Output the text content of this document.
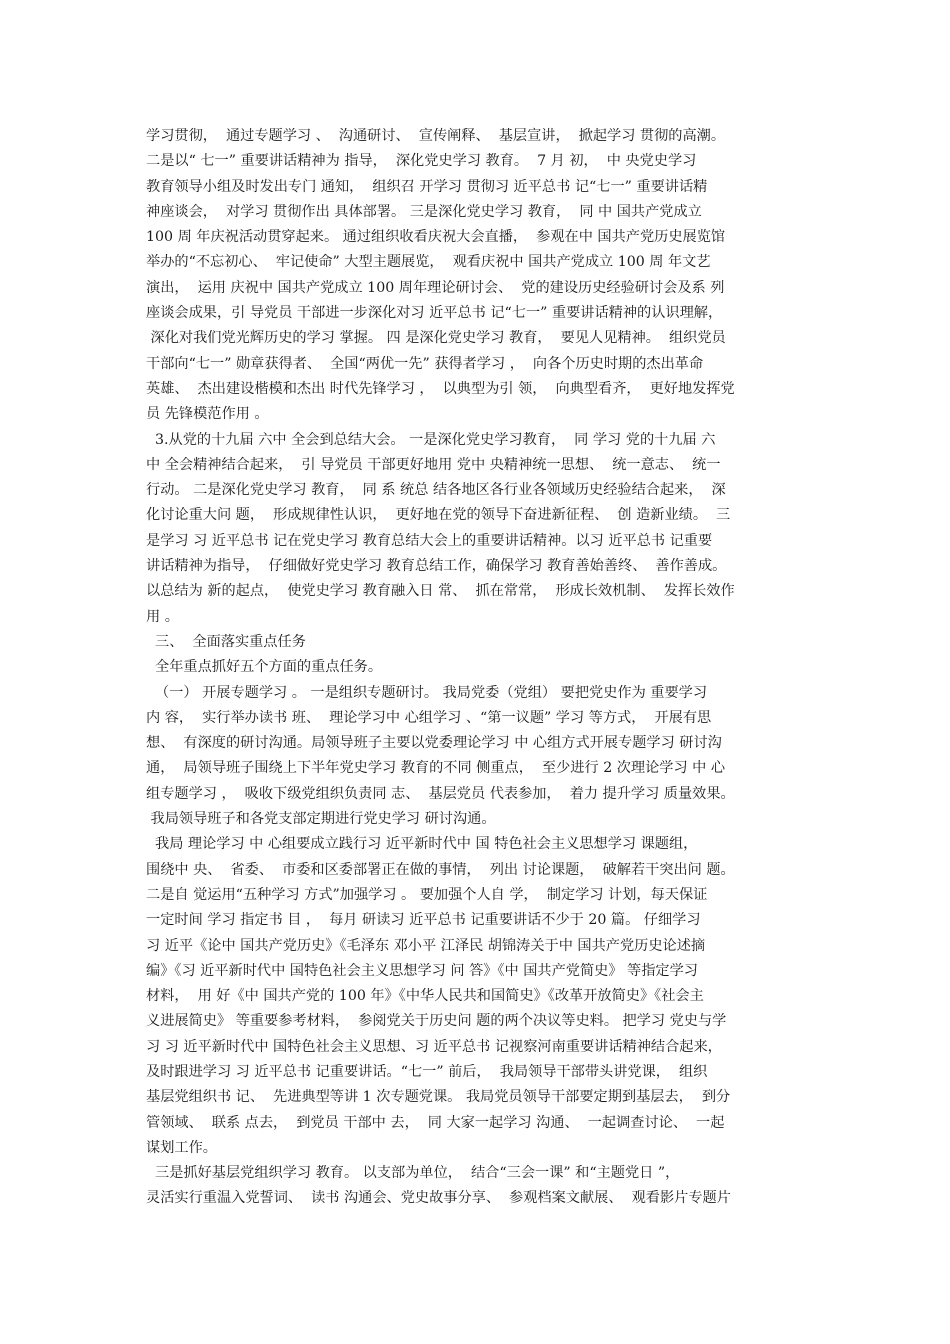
学习贯彻，  通过专题学习 、  沟通研讨、  宣传阐释、  基层宣讲，  掀起学习 贯彻的高潮。
二是以“ 七一” 重要讲话精神为 指导，  深化党史学习 教育。  7 月 初，  中 央党史学习
教育领导小组及时发出专门 通知，  组织召 开学习 贯彻习 近平总书 记“七一” 重要讲话精
神座谈会，  对学习 贯彻作出 具体部署。 三是深化党史学习 教育，  同 中 国共产党成立
100 周 年庆祝活动贯穿起来。 通过组织收看庆祝大会直播，  参观在中 国共产党历史展览馆
举办的“不忘初心、  牢记使命” 大型主题展览，  观看庆祝中 国共产党成立 100 周 年文艺
演出，  运用 庆祝中 国共产党成立 100 周年理论研讨会、  党的建设历史经验研讨会及系 列
座谈会成果，引 导党员 干部进一步深化对习 近平总书 记“七一” 重要讲话精神的认识理解，
深化对我们党光辉历史的学习 掌握。 四 是深化党史学习 教育，  要见人见精神。  组织党员
干部向“七一” 勋章获得者、  全国“两优一先” 获得者学习 ，  向各个历史时期的杰出革命
英雄、  杰出建设楷模和杰出 时代先锋学习 ，  以典型为引 领，  向典型看齐，  更好地发挥党
员 先锋模范作用 。
3.从党的十九届 六中 全会到总结大会。 一是深化党史学习教育，  同 学习 党的十九届 六
中 全会精神结合起来，  引 导党员 干部更好地用 党中 央精神统一思想、  统一意志、  统一
行动。 二是深化党史学习 教育，  同 系 统总 结各地区各行业各领域历史经验结合起来，  深
化讨论重大问 题，  形成规律性认识，  更好地在党的领导下奋进新征程、  创 造新业绩。  三
是学习 习 近平总书 记在党史学习 教育总结大会上的重要讲话精神。以习 近平总书 记重要
讲话精神为指导，  仔细做好党史学习 教育总结工作，确保学习 教育善始善终、  善作善成。
以总结为 新的起点，  使党史学习 教育融入日 常、  抓在常常，  形成长效机制、  发挥长效作
用 。
三、  全面落实重点任务
全年重点抓好五个方面的重点任务。
（一） 开展专题学习 。 一是组织专题研讨。 我局党委（党组） 要把党史作为 重要学习
内 容，  实行举办读书 班、  理论学习中 心组学习 、“第一议题” 学习 等方式，  开展有思
想、  有深度的研讨沟通。局领导班子主要以党委理论学习 中 心组方式开展专题学习 研讨沟
通，  局领导班子围绕上下半年党史学习 教育的不同 侧重点，  至少进行 2 次理论学习 中 心
组专题学习 ，  吸收下级党组织负责同 志、  基层党员 代表参加，  着力 提升学习 质量效果。
我局领导班子和各党支部定期进行党史学习 研讨沟通。
我局 理论学习 中 心组要成立践行习 近平新时代中 国 特色社会主义思想学习 课题组，
围绕中 央、  省委、  市委和区委部署正在做的事情，  列出 讨论课题，  破解若干突出问 题。
二是自 觉运用“五种学习 方式”加强学习 。 要加强个人自 学，  制定学习 计划，每天保证
一定时间 学习 指定书 目 ，  每月 研读习 近平总书 记重要讲话不少于 20 篇。 仔细学习
习 近平《论中 国共产党历史》《毛泽东 邓小平 江泽民 胡锦涛关于中 国共产党历史论述摘
编》《习 近平新时代中 国特色社会主义思想学习 问 答》《中 国共产党简史》 等指定学习
材料，  用 好《中 国共产党的 100 年》《中华人民共和国简史》《改革开放简史》《社会主
义进展简史》 等重要参考材料，  参阅党关于历史问 题的两个决议等史料。 把学习 党史与学
习 习 近平新时代中 国特色社会主义思想、习 近平总书 记视察河南重要讲话精神结合起来，
及时跟进学习 习 近平总书 记重要讲话。“七一” 前后，  我局领导干部带头讲党课，  组织
基层党组织书 记、  先进典型等讲 1 次专题党课。 我局党员领导干部要定期到基层去，  到分
管领域、  联系 点去，  到党员 干部中 去，  同 大家一起学习 沟通、  一起调查讨论、  一起
谋划工作。
三是抓好基层党组织学习 教育。 以支部为单位，  结合“三会一课” 和“主题党日 ”，
灵活实行重温入党誓词、  读书 沟通会、党史故事分享、  参观档案文献展、  观看影片专题片
